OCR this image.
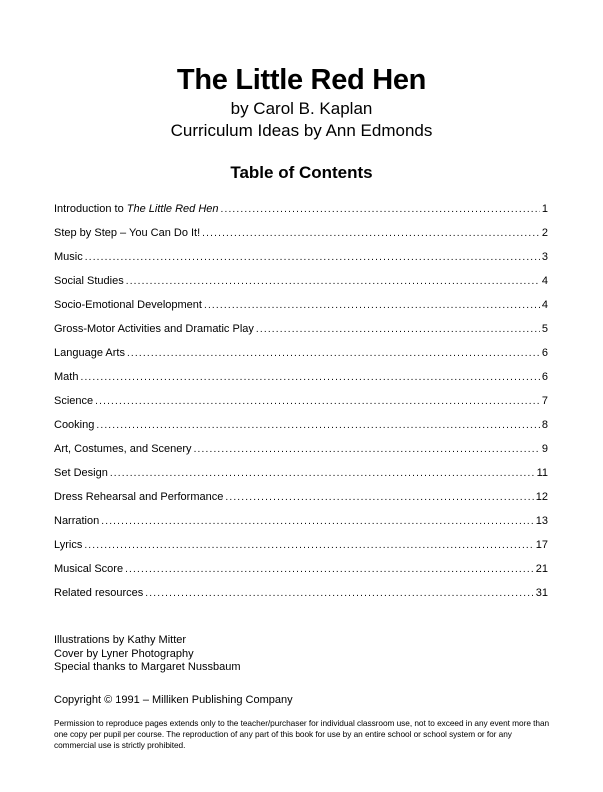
The Little Red Hen

by Carol B. Kaplan

Curriculum Ideas by Ann Edmonds

Table of Contents
Introduction to The Little Red Hen .....	1
Step by Step – You Can Do It! .....	2
Music .....	3
Social Studies .....	4
Socio-Emotional Development .....	4
Gross-Motor Activities and Dramatic Play .....	5
Language Arts .....	6
Math .....	6
Science .....	7
Cooking .....	8
Art, Costumes, and Scenery .....	9
Set Design .....	11
Dress Rehearsal and Performance .....	12
Narration .....	13
Lyrics .....	17
Musical Score .....	21
Related resources .....	31
Illustrations by Kathy Mitter
Cover by Lyner Photography
Special thanks to Margaret Nussbaum

Copyright © 1991 – Milliken Publishing Company

Permission to reproduce pages extends only to the teacher/purchaser for individual classroom use, not to exceed in any event more than one copy per pupil per course. The reproduction of any part of this book for use by an entire school or school system or for any commercial use is strictly prohibited.
